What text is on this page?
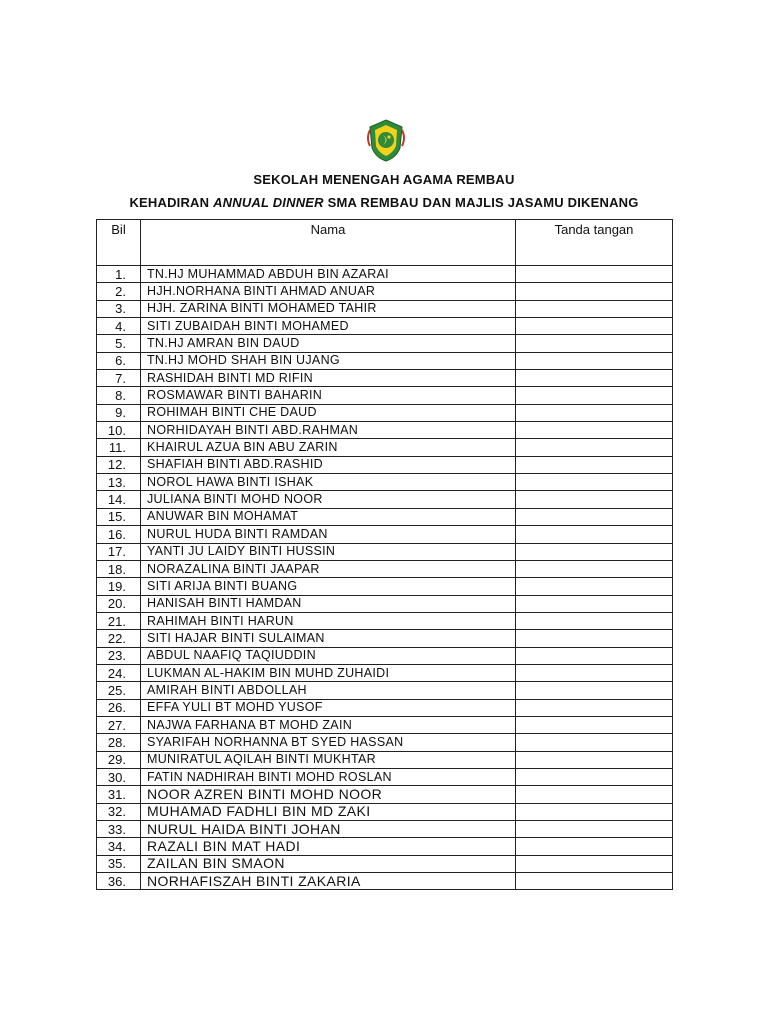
SEKOLAH MENENGAH AGAMA REMBAU
KEHADIRAN ANNUAL DINNER SMA REMBAU DAN MAJLIS JASAMU DIKENANG
Bil	Nama	Tanda tangan
1.	TN.HJ MUHAMMAD ABDUH BIN AZARAI	
2.	HJH.NORHANA BINTI AHMAD ANUAR	
3.	HJH. ZARINA BINTI MOHAMED TAHIR	
4.	SITI ZUBAIDAH BINTI MOHAMED	
5.	TN.HJ AMRAN BIN DAUD	
6.	TN.HJ MOHD SHAH BIN UJANG	
7.	RASHIDAH BINTI MD RIFIN	
8.	ROSMAWAR BINTI BAHARIN	
9.	ROHIMAH BINTI CHE DAUD	
10.	NORHIDAYAH BINTI ABD.RAHMAN	
11.	KHAIRUL AZUA BIN ABU ZARIN	
12.	SHAFIAH BINTI ABD.RASHID	
13.	NOROL HAWA BINTI ISHAK	
14.	JULIANA BINTI MOHD NOOR	
15.	ANUWAR BIN MOHAMAT	
16.	NURUL HUDA BINTI RAMDAN	
17.	YANTI JU LAIDY BINTI HUSSIN	
18.	NORAZALINA BINTI JAAPAR	
19.	SITI ARIJA BINTI BUANG	
20.	HANISAH BINTI HAMDAN	
21.	RAHIMAH BINTI HARUN	
22.	SITI HAJAR BINTI SULAIMAN	
23.	ABDUL NAAFIQ TAQIUDDIN	
24.	LUKMAN AL-HAKIM BIN MUHD ZUHAIDI	
25.	AMIRAH BINTI ABDOLLAH	
26.	EFFA YULI BT MOHD YUSOF	
27.	NAJWA FARHANA BT MOHD ZAIN	
28.	SYARIFAH NORHANNA BT SYED HASSAN	
29.	MUNIRATUL AQILAH BINTI MUKHTAR	
30.	FATIN NADHIRAH BINTI MOHD ROSLAN	
31.	NOOR AZREN BINTI MOHD NOOR	
32.	MUHAMAD FADHLI BIN MD ZAKI	
33.	NURUL HAIDA BINTI JOHAN	
34.	RAZALI BIN MAT HADI	
35.	ZAILAN BIN SMAON	
36.	NORHAFISZAH BINTI ZAKARIA	
